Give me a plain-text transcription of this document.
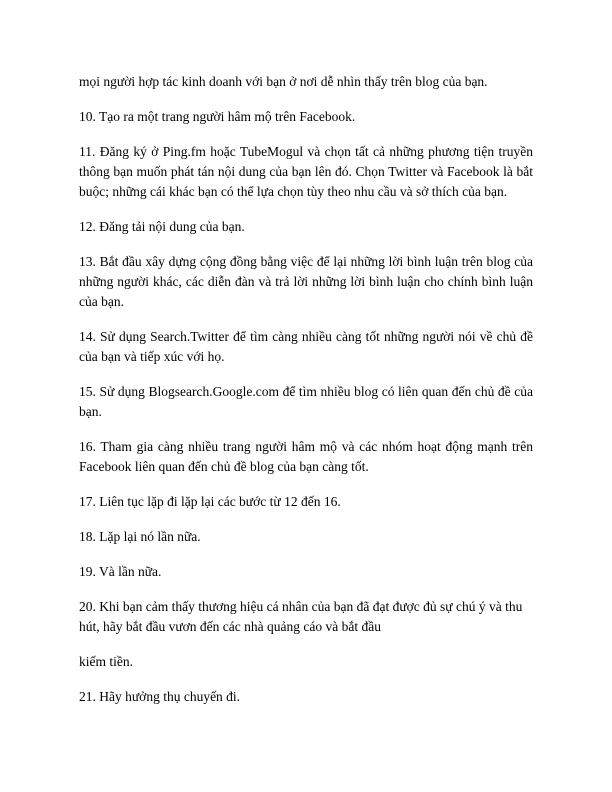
mọi người hợp tác kinh doanh với bạn ở nơi dễ nhìn thấy trên blog của bạn.

10. Tạo ra một trang người hâm mộ trên Facebook.

11. Đăng ký ở Ping.fm hoặc TubeMogul và chọn tất cả những phương tiện truyền thông bạn muốn phát tán nội dung của bạn lên đó. Chọn Twitter và Facebook là bắt buộc; những cái khác bạn có thể lựa chọn tùy theo nhu cầu và sở thích của bạn.

12. Đăng tải nội dung của bạn.

13. Bắt đầu xây dựng cộng đồng bằng việc để lại những lời bình luận trên blog của những người khác, các diễn đàn và trả lời những lời bình luận cho chính bình luận của bạn.

14. Sử dụng Search.Twitter để tìm càng nhiều càng tốt những người nói về chủ đề của bạn và tiếp xúc với họ.

15. Sử dụng Blogsearch.Google.com để tìm nhiều blog có liên quan đến chủ đề của bạn.

16. Tham gia càng nhiều trang người hâm mộ và các nhóm hoạt động mạnh trên Facebook liên quan đến chủ đề blog của bạn càng tốt.

17. Liên tục lặp đi lặp lại các bước từ 12 đến 16.

18. Lặp lại nó lần nữa.

19. Và lần nữa.

20. Khi bạn cảm thấy thương hiệu cá nhân của bạn đã đạt được đủ sự chú ý và thu hút, hãy bắt đầu vươn đến các nhà quảng cáo và bắt đầu

kiếm tiền.

21. Hãy hưởng thụ chuyến đi.
